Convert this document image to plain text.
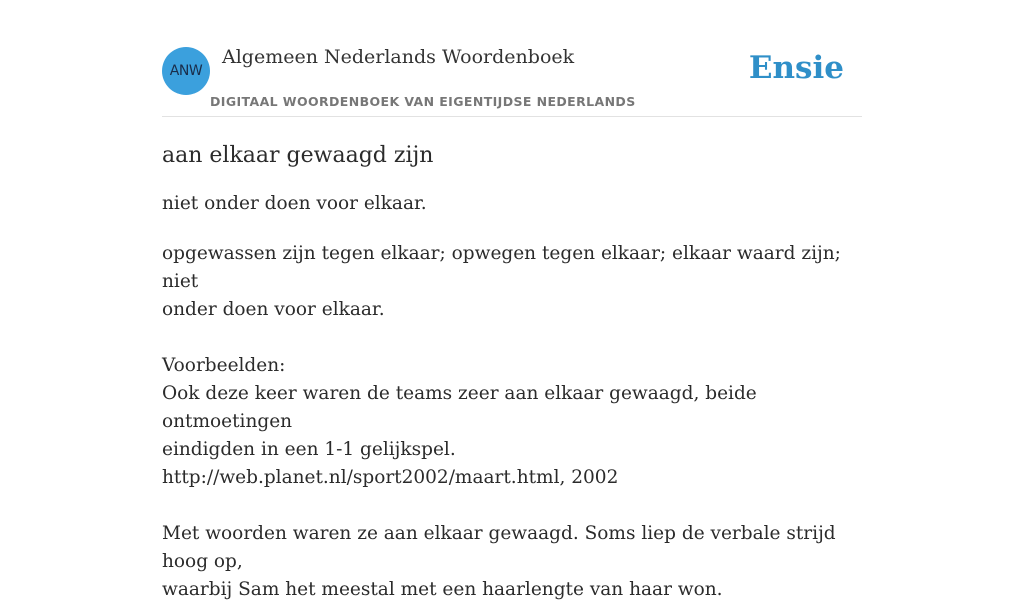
ANW
Algemeen Nederlands Woordenboek
DIGITAAL WOORDENBOEK VAN EIGENTIJDSE NEDERLANDS
Ensie
aan elkaar gewaagd zijn

niet onder doen voor elkaar.

opgewassen zijn tegen elkaar; opwegen tegen elkaar; elkaar waard zijn; niet

onder doen voor elkaar.

Voorbeelden:

Ook deze keer waren de teams zeer aan elkaar gewaagd, beide ontmoetingen

eindigden in een 1-1 gelijkspel.

http://web.planet.nl/sport2002/maart.html, 2002

Met woorden waren ze aan elkaar gewaagd. Soms liep de verbale strijd hoog op,

waarbij Sam het meestal met een haarlengte van haar won.
